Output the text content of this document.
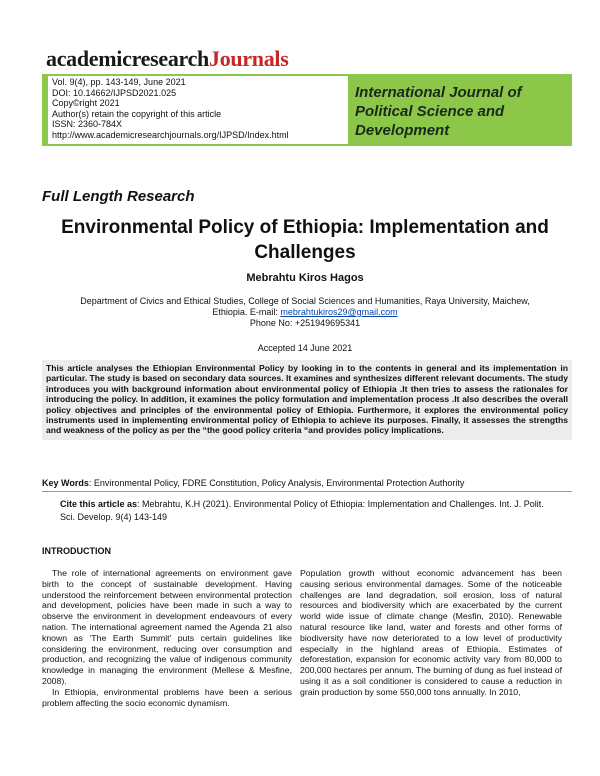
academicresearchJournals
Vol. 9(4), pp. 143-149, June 2021
DOI: 10.14662/IJPSD2021.025
Copy©right 2021
Author(s) retain the copyright of this article
ISSN: 2360-784X
http://www.academicresearchjournals.org/IJPSD/Index.html
International Journal of Political Science and Development
Full Length Research
Environmental Policy of Ethiopia: Implementation and Challenges
Mebrahtu Kiros Hagos
Department of Civics and Ethical Studies, College of Social Sciences and Humanities, Raya University, Maichew,
Ethiopia. E-mail: mebrahtukiros29@gmail.com
Phone No: +251949695341
Accepted 14 June 2021
This article analyses the Ethiopian Environmental Policy by looking in to the contents in general and its implementation in particular. The study is based on secondary data sources. It examines and synthesizes different relevant documents. The study introduces you with background information about environmental policy of Ethiopia .It then tries to assess the rationales for introducing the policy. In addition, it examines the policy formulation and implementation process .It also describes the overall policy objectives and principles of the environmental policy of Ethiopia. Furthermore, it explores the environmental policy instruments used in implementing environmental policy of Ethiopia to achieve its purposes. Finally, it assesses the strengths and weakness of the policy as per the “the good policy criteria “and provides policy implications.
Key Words: Environmental Policy, FDRE Constitution, Policy Analysis, Environmental Protection Authority
Cite this article as: Mebrahtu, K.H (2021). Environmental Policy of Ethiopia: Implementation and Challenges. Int. J. Polit. Sci. Develop. 9(4) 143-149
INTRODUCTION

The role of international agreements on environment gave birth to the concept of sustainable development. Having understood the reinforcement between environmental protection and development, policies have been made in such a way to observe the environment in development endeavours of every nation. The international agreement named the Agenda 21 also known as ‘The Earth Summit’ puts certain guidelines like considering the environment, reducing over consumption and production, and recognizing the value of indigenous community knowledge in managing the environment (Mellese & Mesfine, 2008).

In Ethiopia, environmental problems have been a serious problem affecting the socio economic dynamism.

Population growth without economic advancement has been causing serious environmental damages. Some of the noticeable challenges are land degradation, soil erosion, loss of natural resources and biodiversity which are exacerbated by the current world wide issue of climate change (Mesfin, 2010). Renewable natural resource like land, water and forests and other forms of biodiversity have now deteriorated to a low level of productivity especially in the highland areas of Ethiopia. Estimates of deforestation, expansion for economic activity vary from 80,000 to 200,000 hectares per annum. The burning of dung as fuel instead of using it as a soil conditioner is considered to cause a reduction in grain production by some 550,000 tons annually. In 2010,
